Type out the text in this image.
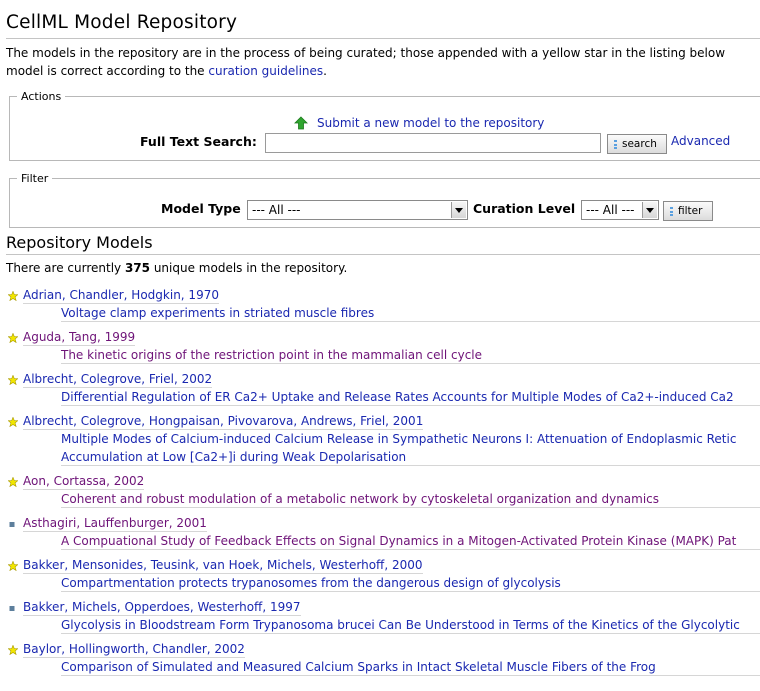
CellML Model Repository
The models in the repository are in the process of being curated; those appended with a yellow star in the listing below
model is correct according to the curation guidelines.
Actions
Submit a new model to the repository
Full Text Search:	search Advanced
Filter
Model Type --- All ---	Curation Level --- All ---	filter
Repository Models
There are currently 375 unique models in the repository.
Adrian, Chandler, Hodgkin, 1970
Voltage clamp experiments in striated muscle fibres
Aguda, Tang, 1999
The kinetic origins of the restriction point in the mammalian cell cycle
Albrecht, Colegrove, Friel, 2002
Differential Regulation of ER Ca2+ Uptake and Release Rates Accounts for Multiple Modes of Ca2+-induced Ca2
Albrecht, Colegrove, Hongpaisan, Pivovarova, Andrews, Friel, 2001
Multiple Modes of Calcium-induced Calcium Release in Sympathetic Neurons I: Attenuation of Endoplasmic Retic
Accumulation at Low [Ca2+]i during Weak Depolarisation
Aon, Cortassa, 2002
Coherent and robust modulation of a metabolic network by cytoskeletal organization and dynamics
Asthagiri, Lauffenburger, 2001
A Compuational Study of Feedback Effects on Signal Dynamics in a Mitogen-Activated Protein Kinase (MAPK) Pat
Bakker, Mensonides, Teusink, van Hoek, Michels, Westerhoff, 2000
Compartmentation protects trypanosomes from the dangerous design of glycolysis
Bakker, Michels, Opperdoes, Westerhoff, 1997
Glycolysis in Bloodstream Form Trypanosoma brucei Can Be Understood in Terms of the Kinetics of the Glycolytic
Baylor, Hollingworth, Chandler, 2002
Comparison of Simulated and Measured Calcium Sparks in Intact Skeletal Muscle Fibers of the Frog
